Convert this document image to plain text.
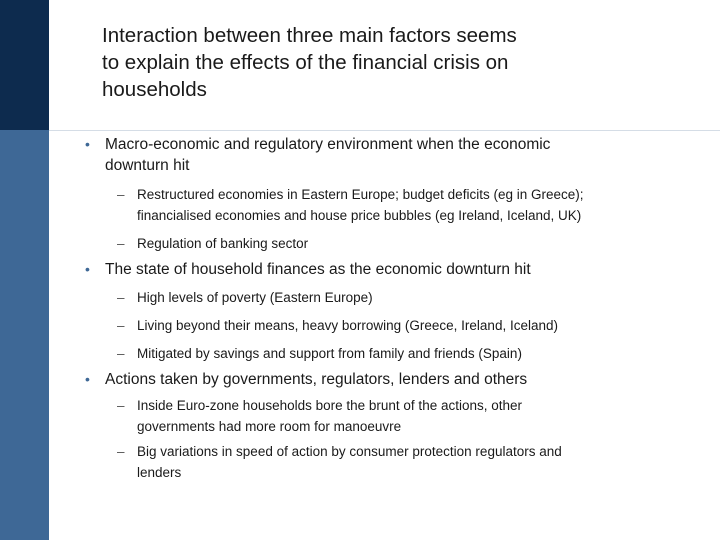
Interaction between three main factors seems
to explain the effects of the financial crisis on
households
• Macro-economic and regulatory environment when the economic
downturn hit
– Restructured economies in Eastern Europe; budget deficits (eg in Greece);
financialised economies and house price bubbles (eg Ireland, Iceland, UK)
– Regulation of banking sector
• The state of household finances as the economic downturn hit
– High levels of poverty (Eastern Europe)
– Living beyond their means, heavy borrowing (Greece, Ireland, Iceland)
– Mitigated by savings and support from family and friends (Spain)
• Actions taken by governments, regulators, lenders and others
– Inside Euro-zone households bore the brunt of the actions, other
governments had more room for manoeuvre
– Big variations in speed of action by consumer protection regulators and
lenders
